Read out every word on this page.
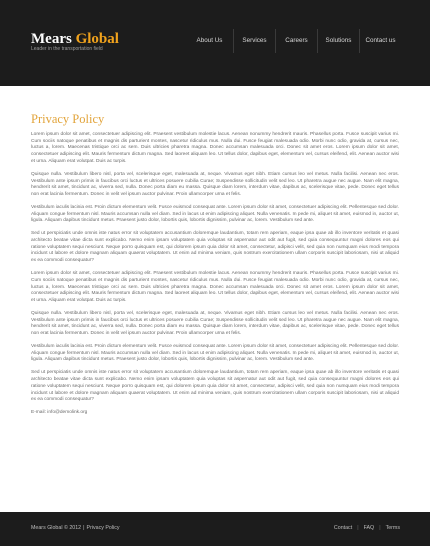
Mears Global
Leader in the transportation field
About Us	Services	Careers	Solutions	Contact us
Privacy Policy

Lorem ipsum dolor sit amet, consectetuer adipiscing elit. Praesent vestibulum molestie lacus. Aenean nonummy hendrerit mauris. Phasellus porta. Fusce suscipit varius mi. Cum sociis natoque penatibus et magnis dis parturient montes, nascetur ridiculus mus. Nulla dui. Fusce feugiat malesuada odio. Morbi nunc odio, gravida at, cursus nec, luctus a, lorem. Maecenas tristique orci ac sem. Duis ultricies pharetra magna. Donec accumsan malesuada orci. Donec sit amet eros. Lorem ipsum dolor sit amet, consectetuer adipiscing elit. Mauris fermentum dictum magna. Sed laoreet aliquam leo. Ut tellus dolor, dapibus eget, elementum vel, cursus eleifend, elit. Aenean auctor wisi et urna. Aliquam erat volutpat. Duis ac turpis.

Quisque nulla. Vestibulum libero nisl, porta vel, scelerisque eget, malesuada at, neque. Vivamus eget nibh. Etiam cursus leo vel metus. Nulla facilisi. Aenean nec eros. Vestibulum ante ipsum primis in faucibus orci luctus et ultrices posuere cubilia Curae; Suspendisse sollicitudin velit sed leo. Ut pharetra augue nec augue. Nam elit magna, hendrerit sit amet, tincidunt ac, viverra sed, nulla. Donec porta diam eu massa. Quisque diam lorem, interdum vitae, dapibus ac, scelerisque vitae, pede. Donec eget tellus non erat lacinia fermentum. Donec in velit vel ipsum auctor pulvinar. Proin ullamcorper urna et felis.

Vestibulum iaculis lacinia est. Proin dictum elementum velit. Fusce euismod consequat ante. Lorem ipsum dolor sit amet, consectetuer adipiscing elit. Pellentesque sed dolor. Aliquam congue fermentum nisl. Mauris accumsan nulla vel diam. Sed in lacus ut enim adipiscing aliquet. Nulla venenatis. In pede mi, aliquet sit amet, euismod in, auctor ut, ligula. Aliquam dapibus tincidunt metus. Praesent justo dolor, lobortis quis, lobortis dignissim, pulvinar ac, lorem. Vestibulum sed ante.

Sed ut perspiciatis unde omnis iste natus error sit voluptatem accusantium doloremque laudantium, totam rem aperiam, eaque ipsa quae ab illo inventore veritatis et quasi architecto beatae vitae dicta sunt explicabo. Nemo enim ipsam voluptatem quia voluptas sit aspernatur aut odit aut fugit, sed quia consequuntur magni dolores eos qui ratione voluptatem sequi nesciunt. Neque porro quisquam est, qui dolorem ipsum quia dolor sit amet, consectetur, adipisci velit, sed quia non numquam eius modi tempora incidunt ut labore et dolore magnam aliquam quaerat voluptatem. Ut enim ad minima veniam, quis nostrum exercitationem ullam corporis suscipit laboriosam, nisi ut aliquid ex ea commodi consequatur?

Lorem ipsum dolor sit amet, consectetuer adipiscing elit. Praesent vestibulum molestie lacus. Aenean nonummy hendrerit mauris. Phasellus porta. Fusce suscipit varius mi. Cum sociis natoque penatibus et magnis dis parturient montes, nascetur ridiculus mus. Nulla dui. Fusce feugiat malesuada odio. Morbi nunc odio, gravida at, cursus nec, luctus a, lorem. Maecenas tristique orci ac sem. Duis ultricies pharetra magna. Donec accumsan malesuada orci. Donec sit amet eros. Lorem ipsum dolor sit amet, consectetuer adipiscing elit. Mauris fermentum dictum magna. Sed laoreet aliquam leo. Ut tellus dolor, dapibus eget, elementum vel, cursus eleifend, elit. Aenean auctor wisi et urna. Aliquam erat volutpat. Duis ac turpis.

Quisque nulla. Vestibulum libero nisl, porta vel, scelerisque eget, malesuada at, neque. Vivamus eget nibh. Etiam cursus leo vel metus. Nulla facilisi. Aenean nec eros. Vestibulum ante ipsum primis in faucibus orci luctus et ultrices posuere cubilia Curae; Suspendisse sollicitudin velit sed leo. Ut pharetra augue nec augue. Nam elit magna, hendrerit sit amet, tincidunt ac, viverra sed, nulla. Donec porta diam eu massa. Quisque diam lorem, interdum vitae, dapibus ac, scelerisque vitae, pede. Donec eget tellus non erat lacinia fermentum. Donec in velit vel ipsum auctor pulvinar. Proin ullamcorper urna et felis.

Vestibulum iaculis lacinia est. Proin dictum elementum velit. Fusce euismod consequat ante. Lorem ipsum dolor sit amet, consectetuer adipiscing elit. Pellentesque sed dolor. Aliquam congue fermentum nisl. Mauris accumsan nulla vel diam. Sed in lacus ut enim adipiscing aliquet. Nulla venenatis. In pede mi, aliquet sit amet, euismod in, auctor ut, ligula. Aliquam dapibus tincidunt metus. Praesent justo dolor, lobortis quis, lobortis dignissim, pulvinar ac, lorem. Vestibulum sed ante.

Sed ut perspiciatis unde omnis iste natus error sit voluptatem accusantium doloremque laudantium, totam rem aperiam, eaque ipsa quae ab illo inventore veritatis et quasi architecto beatae vitae dicta sunt explicabo. Nemo enim ipsam voluptatem quia voluptas sit aspernatur aut odit aut fugit, sed quia consequuntur magni dolores eos qui ratione voluptatem sequi nesciunt. Neque porro quisquam est, qui dolorem ipsum quia dolor sit amet, consectetur, adipisci velit, sed quia non numquam eius modi tempora incidunt ut labore et dolore magnam aliquam quaerat voluptatem. Ut enim ad minima veniam, quis nostrum exercitationem ullam corporis suscipit laboriosam, nisi ut aliquid ex ea commodi consequatur?

E-mail: info@demolink.org

Mears Global © 2012 | Privacy Policy	Contact | FAQ | Terms
